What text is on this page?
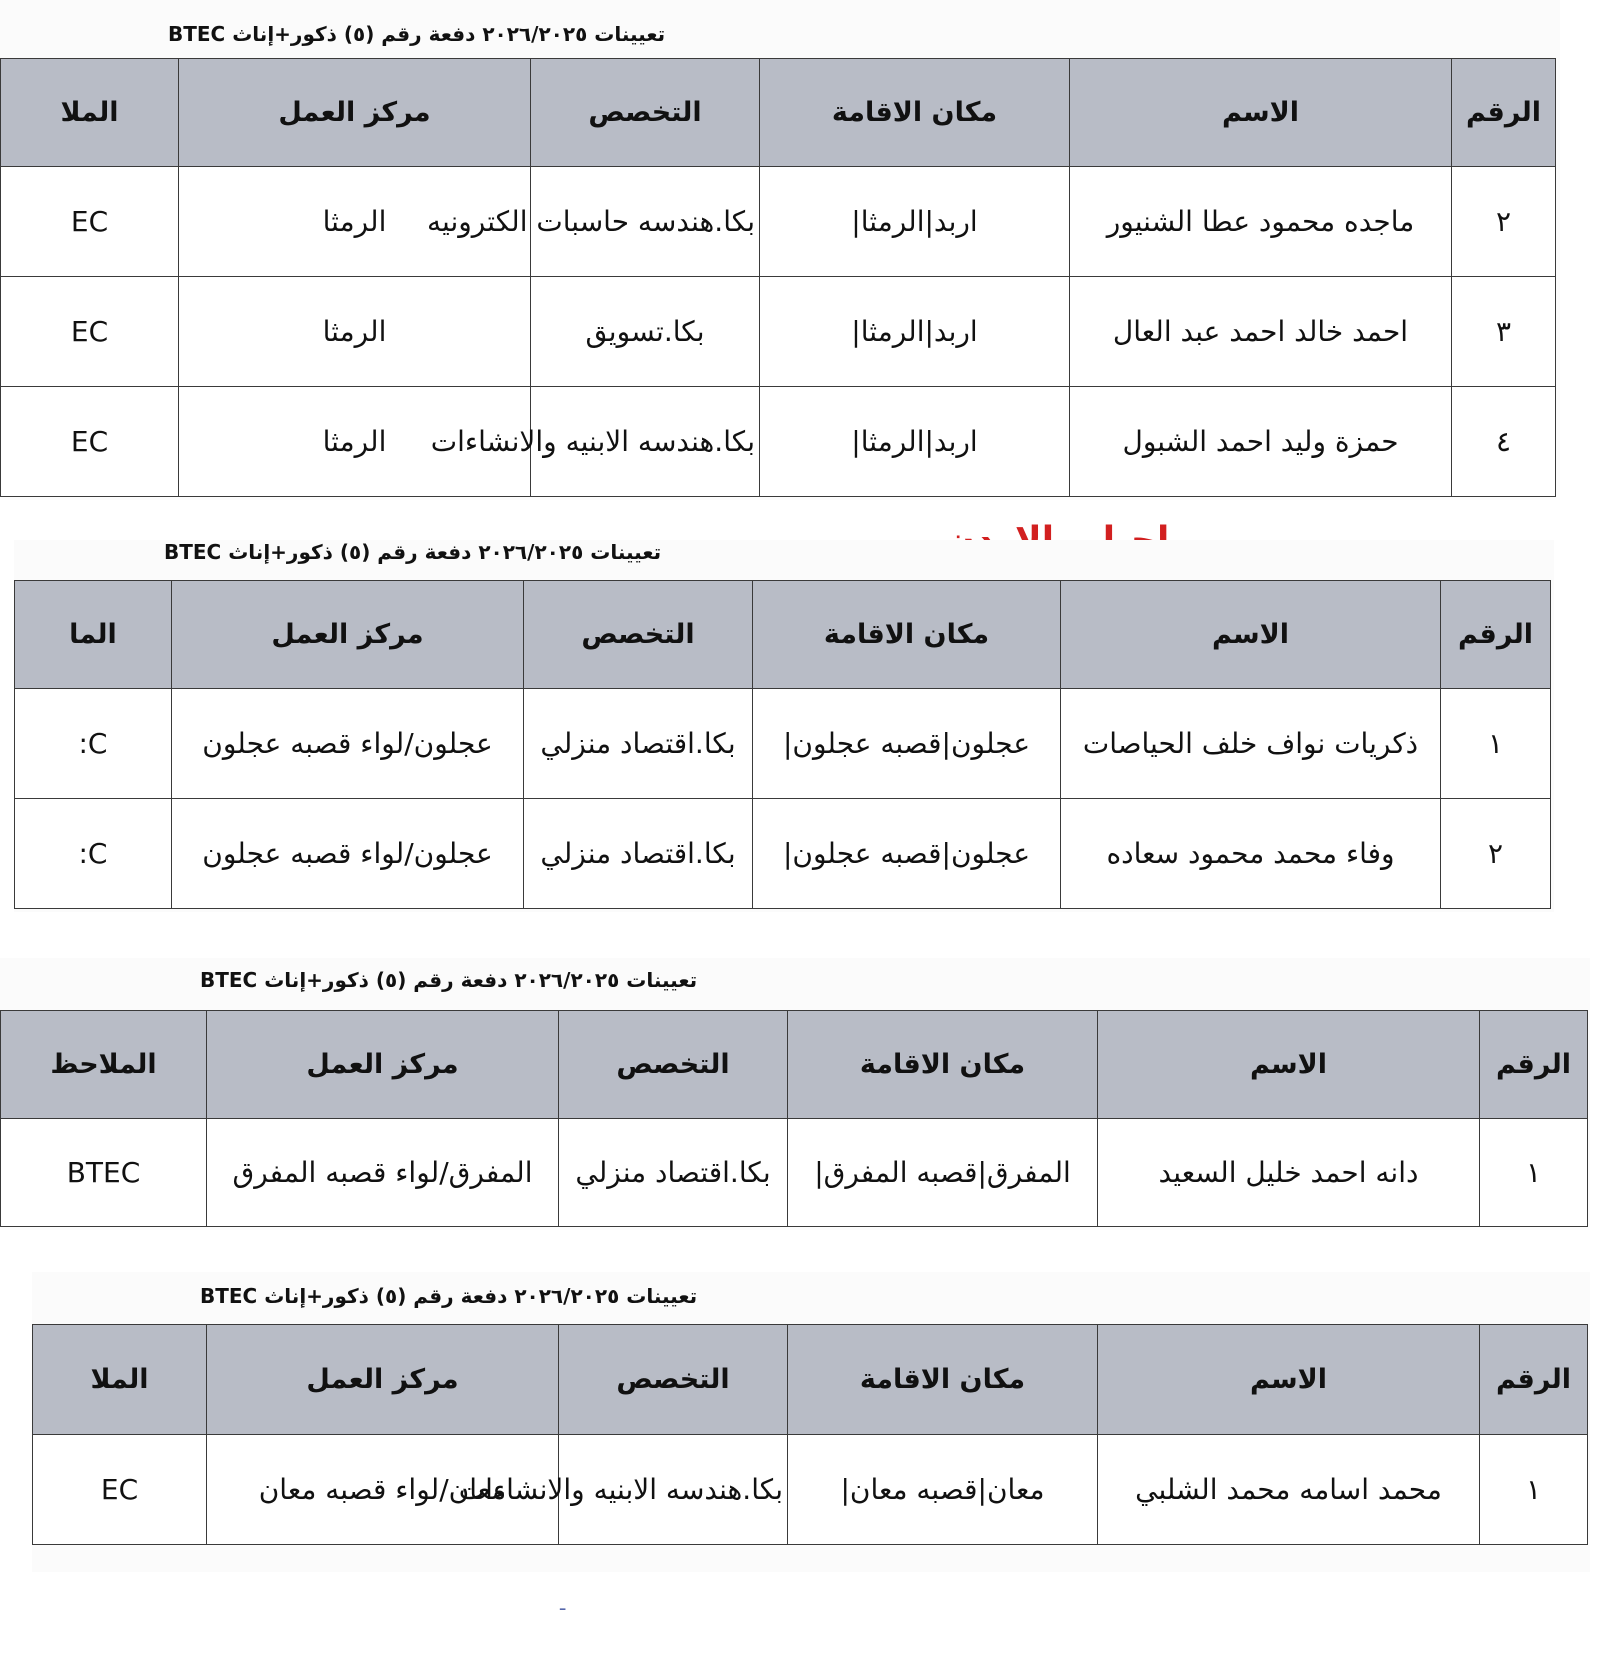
تعيينات ٢٠٢٦/٢٠٢٥ دفعة رقم (٥) ذكور+إناث BTEC
الرقم	الاسم	مكان الاقامة	التخصص	مركز العمل	الملا
٢	ماجده محمود عطا الشنيور	اربد|الرمثا|	بكا.هندسه حاسبات الكترونيه	الرمثا	EC
٣	احمد خالد احمد عبد العال	اربد|الرمثا|	بكا.تسويق	الرمثا	EC
٤	حمزة وليد احمد الشبول	اربد|الرمثا|	بكا.هندسه الابنيه والانشاءات	الرمثا	EC
تعيينات ٢٠٢٦/٢٠٢٥ دفعة رقم (٥) ذكور+إناث BTEC
الرقم	الاسم	مكان الاقامة	التخصص	مركز العمل	الما
١	ذكريات نواف خلف الحياصات	عجلون|قصبه عجلون|	بكا.اقتصاد منزلي	عجلون/لواء قصبه عجلون	:C
٢	وفاء محمد محمود سعاده	عجلون|قصبه عجلون|	بكا.اقتصاد منزلي	عجلون/لواء قصبه عجلون	:C
تعيينات ٢٠٢٦/٢٠٢٥ دفعة رقم (٥) ذكور+إناث BTEC
الرقم	الاسم	مكان الاقامة	التخصص	مركز العمل	الملاحظ
١	دانه احمد خليل السعيد	المفرق|قصبه المفرق|	بكا.اقتصاد منزلي	المفرق/لواء قصبه المفرق	BTEC
تعيينات ٢٠٢٦/٢٠٢٥ دفعة رقم (٥) ذكور+إناث BTEC
الرقم	الاسم	مكان الاقامة	التخصص	مركز العمل	الملا
١	محمد اسامه محمد الشلبي	معان|قصبه معان|	بكا.هندسه الابنيه والانشاءات	معان/لواء قصبه معان	EC
ـ
